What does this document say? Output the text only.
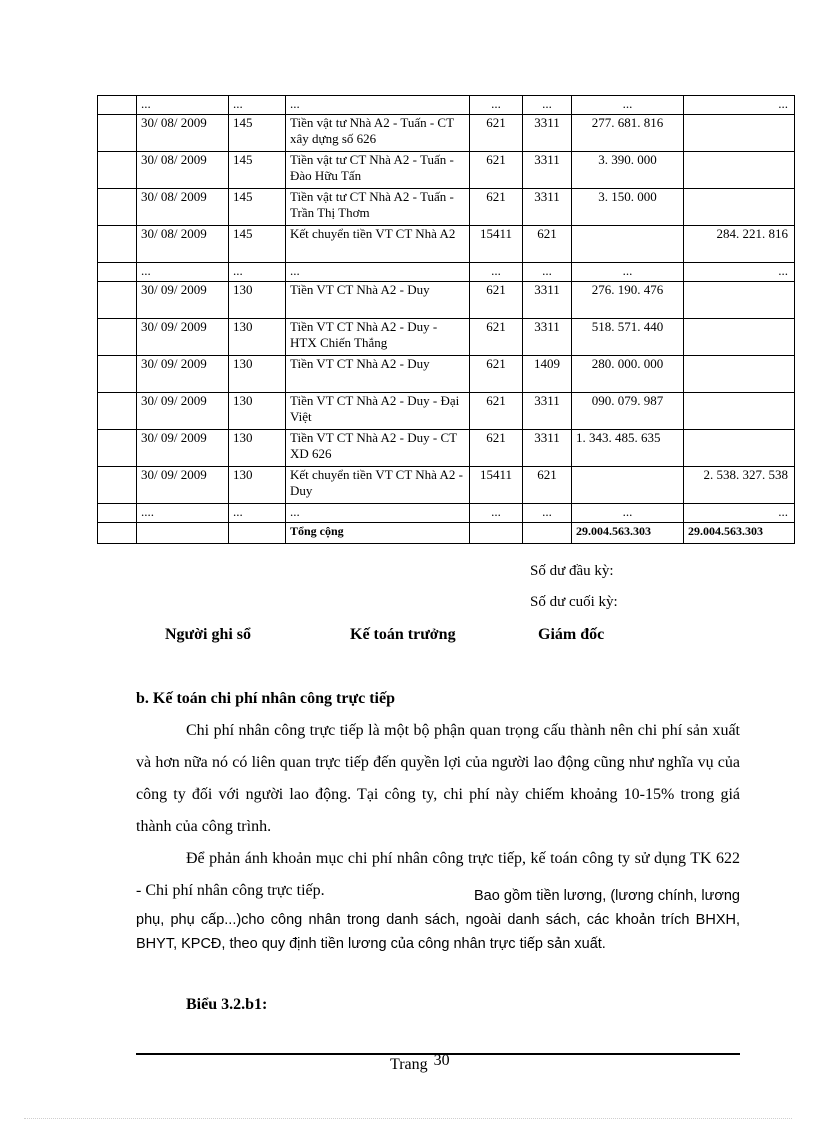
	...	...	...	...	...	...	...
	30/ 08/ 2009	145	Tiền vật tư Nhà A2 - Tuấn - CT xây dựng số 626	621	3311	277. 681. 816	
	30/ 08/ 2009	145	Tiền vật tư CT Nhà A2 - Tuấn - Đào Hữu Tấn	621	3311	3. 390. 000	
	30/ 08/ 2009	145	Tiền vật tư CT Nhà A2 - Tuấn - Trần Thị Thơm	621	3311	3. 150. 000	
	30/ 08/ 2009	145	Kết chuyển tiền VT CT Nhà A2	15411	621		284. 221. 816
	...	...	...	...	...	...	...
	30/ 09/ 2009	130	Tiền VT CT Nhà A2 - Duy	621	3311	276. 190. 476	
	30/ 09/ 2009	130	Tiền VT CT Nhà A2 - Duy - HTX Chiến Thắng	621	3311	518. 571. 440	
	30/ 09/ 2009	130	Tiền VT CT Nhà A2 - Duy	621	1409	280. 000. 000	
	30/ 09/ 2009	130	Tiền VT CT Nhà A2 - Duy - Đại Việt	621	3311	090. 079. 987	
	30/ 09/ 2009	130	Tiền VT CT Nhà A2 - Duy - CT XD 626	621	3311	1. 343. 485. 635	
	30/ 09/ 2009	130	Kết chuyển tiền VT CT Nhà A2 - Duy	15411	621		2. 538. 327. 538
	....	...	...	...	...	...	...
			Tổng cộng			29.004.563.303	29.004.563.303
Số dư đầu kỳ:
Số dư cuối kỳ:
Người ghi sổ	Kế toán trưởng	Giám đốc
b. Kế toán chi phí nhân công trực tiếp
Chi phí nhân công trực tiếp là một bộ phận quan trọng cấu thành nên chi phí sản xuất và hơn nữa nó có liên quan trực tiếp đến quyền lợi của người lao động cũng như nghĩa vụ của công ty đối với người lao động. Tại công ty, chi phí này chiếm khoảng 10-15% trong giá thành của công trình.
Để phản ánh khoản mục chi phí nhân công trực tiếp, kế toán công ty sử dụng TK 622 - Chi phí nhân công trực tiếp.	Bao gồm tiền lương, (lương chính, lương phụ, phụ cấp...)cho công nhân trong danh sách, ngoài danh sách, các khoản trích BHXH, BHYT, KPCĐ, theo quy định tiền lương của công nhân trực tiếp sản xuất.
Biểu 3.2.b1:
Trang 30
